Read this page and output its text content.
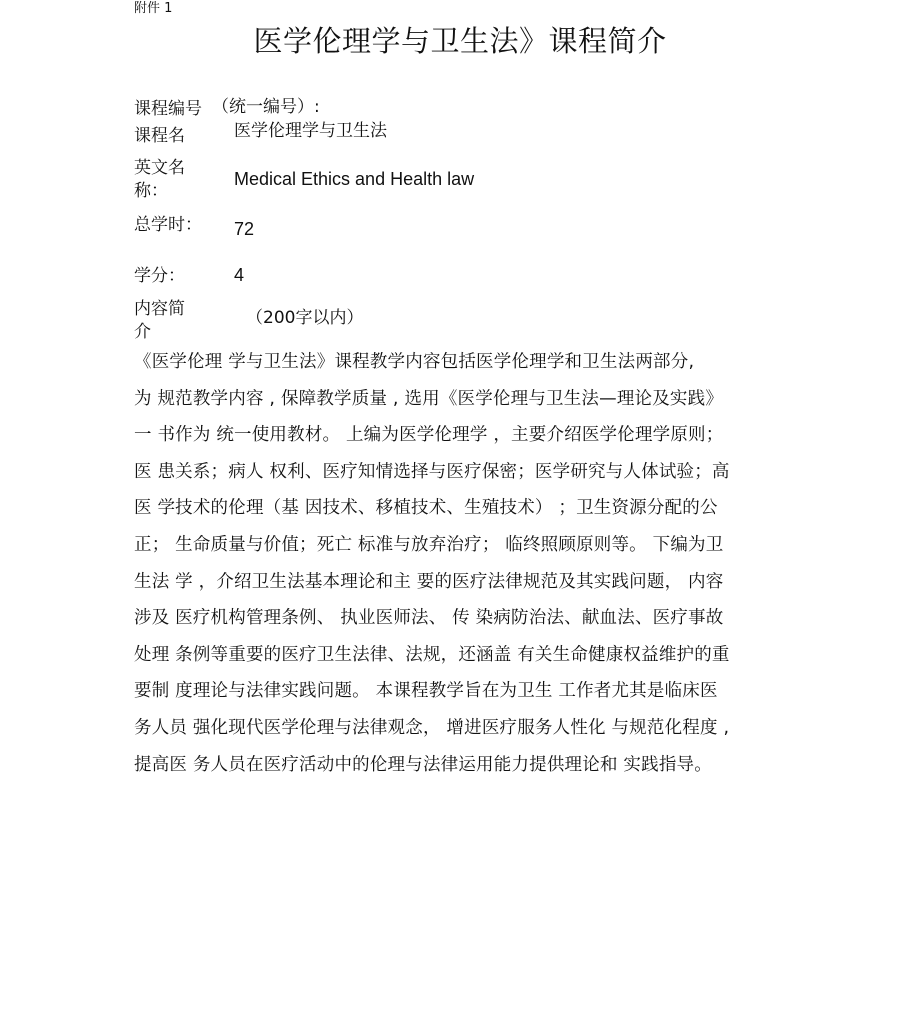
附件 1
医学伦理学与卫生法》课程简介
课程编号 （统一编号）:
课程名	医学伦理学与卫生法
英文名
称：
Medical Ethics and Health law
总学时： 72
学分：	4
内容简
介
（200字以内）
《医学伦理 学与卫生法》课程教学内容包括医学伦理学和卫生法两部分,
为 规范教学内容 , 保障教学质量 , 选用《医学伦理与卫生法—理论及实践》
一 书作为 统一使用教材。 上编为医学伦理学 ，主要介绍医学伦理学原则；
医 患关系；病人 权利、医疗知情选择与医疗保密；医学研究与人体试验；高
医 学技术的伦理（基 因技术、移植技术、生殖技术） ；卫生资源分配的公
正； 生命质量与价值；死亡 标准与放弃治疗； 临终照顾原则等。 下编为卫
生法 学 ，介绍卫生法基本理论和主 要的医疗法律规范及其实践问题， 内容
涉及 医疗机构管理条例、 执业医师法、 传 染病防治法、献血法、医疗事故
处理 条例等重要的医疗卫生法律、法规，还涵盖 有关生命健康权益维护的重
要制 度理论与法律实践问题。 本课程教学旨在为卫生 工作者尤其是临床医
务人员 强化现代医学伦理与法律观念， 增进医疗服务人性化 与规范化程度 ,
提高医 务人员在医疗活动中的伦理与法律运用能力提供理论和 实践指导。
